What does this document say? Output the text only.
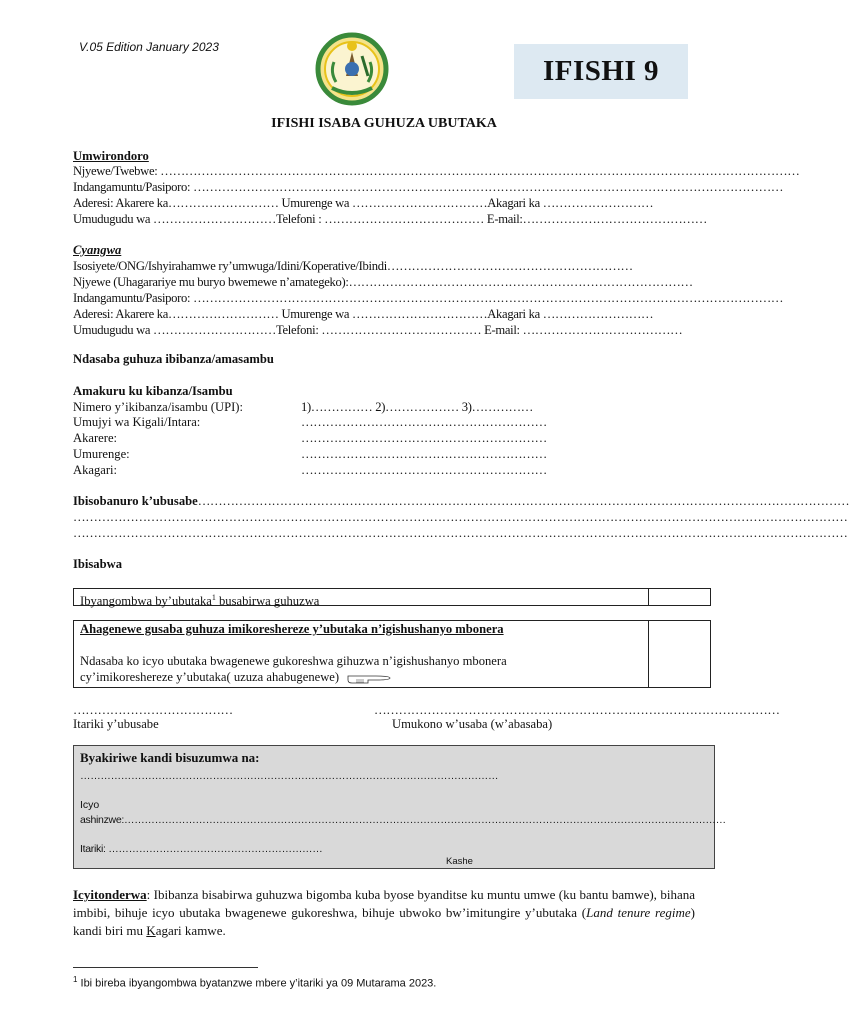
V.05 Edition January 2023
IFISHI 9
IFISHI ISABA GUHUZA UBUTAKA
Umwirondoro
Njyewe/Twebwe: …………………………………………………………………………………………………………………………………………
Indangamuntu/Pasiporo: ………………………………………………………………………………………………………………………………
Aderesi: Akarere ka……………………… Umurenge wa ……………………………Akagari ka ………………………
Umudugudu wa …………………………Telefoni : ………………………………… E-mail:………………………………………
Cyangwa
Isosiyete/ONG/Ishyirahamwe ry’umwuga/Idini/Koperative/Ibindi……………………………………………………
Njyewe (Uhagarariye mu buryo bwemewe n’amategeko):…………………………………………………………………………
Indangamuntu/Pasiporo: ………………………………………………………………………………………………………………………………
Aderesi: Akarere ka……………………… Umurenge wa ……………………………Akagari ka ………………………
Umudugudu wa …………………………Telefoni: ………………………………… E-mail: …………………………………
Ndasaba guhuza ibibanza/amasambu
Amakuru ku kibanza/Isambu
Nimero y’ikibanza/isambu (UPI):	1)…………… 2)……………… 3)……………
Umujyi wa Kigali/Intara:	……………………………………………………
Akarere:	……………………………………………………
Umurenge:	……………………………………………………
Akagari:	……………………………………………………
Ibisobanuro k’ubusabe……………………………………………………………………………………………………………………………………………
………………………………………………………………………………………………………………………………………………………………………
………………………………………………………………………………………………………………………………………………………………………
Ibisabwa
Ibyangombwa by’ubutaka$^1$ busabirwa guhuzwa
Ahagenewe gusaba guhuza imikoreshereze y’ubutaka n’igishushanyo mbonera
Ndasaba ko icyo ubutaka bwagenewe gukoreshwa gihuzwa n’igishushanyo mbonera
cy’imikoreshereze y’ubutaka( uzuza ahabugenewe)
…………………………………
Itariki y’ubusabe
………………………………………………………………………………………
Umukono w’usaba (w’abasaba)
Byakiriwe kandi bisuzumwa na:
……………………………………………………………………………………………………………
Icyo
ashinzwe:……………………………………………………………………………………………………………………………………………………………
Itariki: ………………………………………………………
Kashe
Icyitonderwa: Ibibanza bisabirwa guhuzwa bigomba kuba byose byanditse ku muntu umwe (ku bantu bamwe), bihana imbibi, bihuje icyo ubutaka bwagenewe gukoreshwa, bihuje ubwoko bw’imitungire y’ubutaka (Land tenure regime) kandi biri mu Kagari kamwe.
$^1$ Ibi bireba ibyangombwa byatanzwe mbere y’itariki ya 09 Mutarama 2023.
